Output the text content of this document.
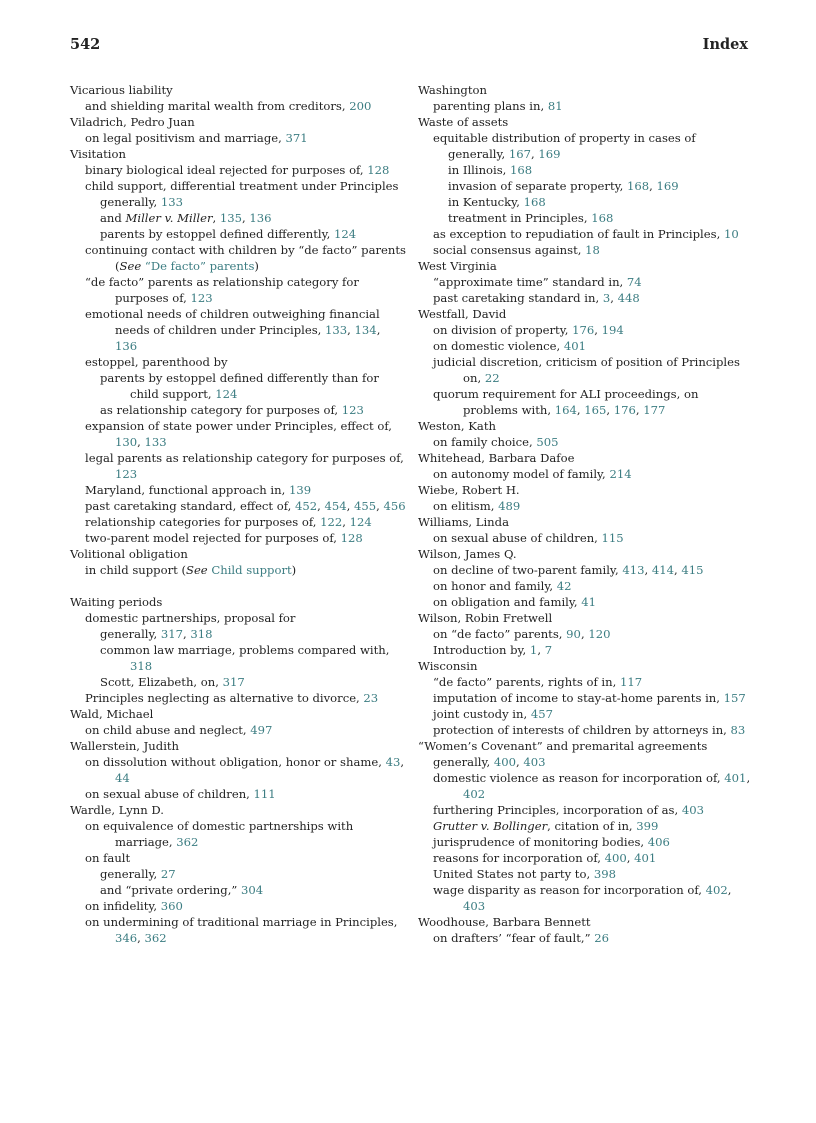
542	Index
Vicarious liability
and shielding marital wealth from creditors, 200
Viladrich, Pedro Juan
on legal positivism and marriage, 371
Visitation
binary biological ideal rejected for purposes of, 128
child support, differential treatment under Principles
generally, 133
and Miller v. Miller, 135, 136
parents by estoppel defined differently, 124
continuing contact with children by “de facto” parents (See “De facto” parents)
“de facto” parents as relationship category for purposes of, 123
emotional needs of children outweighing financial needs of children under Principles, 133, 134, 136
estoppel, parenthood by
parents by estoppel defined differently than for child support, 124
as relationship category for purposes of, 123
expansion of state power under Principles, effect of, 130, 133
legal parents as relationship category for purposes of, 123
Maryland, functional approach in, 139
past caretaking standard, effect of, 452, 454, 455, 456
relationship categories for purposes of, 122, 124
two-parent model rejected for purposes of, 128
Volitional obligation
in child support (See Child support)
Waiting periods
domestic partnerships, proposal for
generally, 317, 318
common law marriage, problems compared with, 318
Scott, Elizabeth, on, 317
Principles neglecting as alternative to divorce, 23
Wald, Michael
on child abuse and neglect, 497
Wallerstein, Judith
on dissolution without obligation, honor or shame, 43, 44
on sexual abuse of children, 111
Wardle, Lynn D.
on equivalence of domestic partnerships with marriage, 362
on fault
generally, 27
and “private ordering,” 304
on infidelity, 360
on undermining of traditional marriage in Principles, 346, 362
Washington
parenting plans in, 81
Waste of assets
equitable distribution of property in cases of
generally, 167, 169
in Illinois, 168
invasion of separate property, 168, 169
in Kentucky, 168
treatment in Principles, 168
as exception to repudiation of fault in Principles, 10
social consensus against, 18
West Virginia
“approximate time” standard in, 74
past caretaking standard in, 3, 448
Westfall, David
on division of property, 176, 194
on domestic violence, 401
judicial discretion, criticism of position of Principles on, 22
quorum requirement for ALI proceedings, on problems with, 164, 165, 176, 177
Weston, Kath
on family choice, 505
Whitehead, Barbara Dafoe
on autonomy model of family, 214
Wiebe, Robert H.
on elitism, 489
Williams, Linda
on sexual abuse of children, 115
Wilson, James Q.
on decline of two-parent family, 413, 414, 415
on honor and family, 42
on obligation and family, 41
Wilson, Robin Fretwell
on “de facto” parents, 90, 120
Introduction by, 1, 7
Wisconsin
“de facto” parents, rights of in, 117
imputation of income to stay-at-home parents in, 157
joint custody in, 457
protection of interests of children by attorneys in, 83
“Women’s Covenant” and premarital agreements
generally, 400, 403
domestic violence as reason for incorporation of, 401, 402
furthering Principles, incorporation of as, 403
Grutter v. Bollinger, citation of in, 399
jurisprudence of monitoring bodies, 406
reasons for incorporation of, 400, 401
United States not party to, 398
wage disparity as reason for incorporation of, 402, 403
Woodhouse, Barbara Bennett
on drafters’ “fear of fault,” 26
